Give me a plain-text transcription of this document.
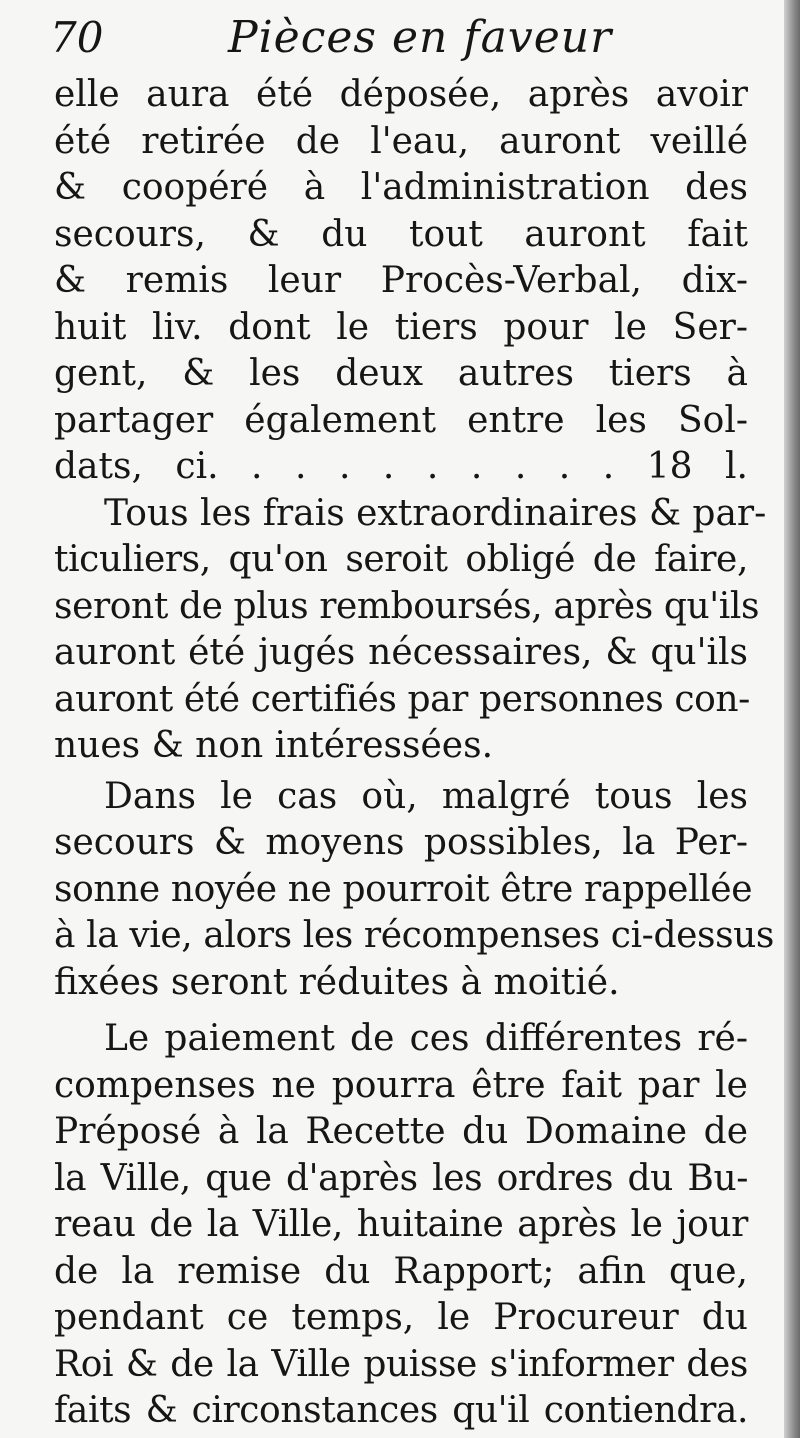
70	Pièces en faveur
elle aura été déposée, après avoir
été retirée de l'eau, auront veillé
& coopéré à l'administration des
secours, & du tout auront fait
& remis leur Procès-Verbal, dix-
huit liv. dont le tiers pour le Ser-
gent, & les deux autres tiers à
partager également entre les Sol-
dats, ci. . . . . . . . . . 18 l.
Tous les frais extraordinaires & par-
ticuliers, qu'on seroit obligé de faire,
seront de plus remboursés, après qu'ils
auront été jugés nécessaires, & qu'ils
auront été certifiés par personnes con-
nues & non intéressées.
Dans le cas où, malgré tous les
secours & moyens possibles, la Per-
sonne noyée ne pourroit être rappellée
à la vie, alors les récompenses ci-dessus
fixées seront réduites à moitié.
Le paiement de ces différentes ré-
compenses ne pourra être fait par le
Préposé à la Recette du Domaine de
la Ville, que d'après les ordres du Bu-
reau de la Ville, huitaine après le jour
de la remise du Rapport; afin que,
pendant ce temps, le Procureur du
Roi & de la Ville puisse s'informer des
faits & circonstances qu'il contiendra.
